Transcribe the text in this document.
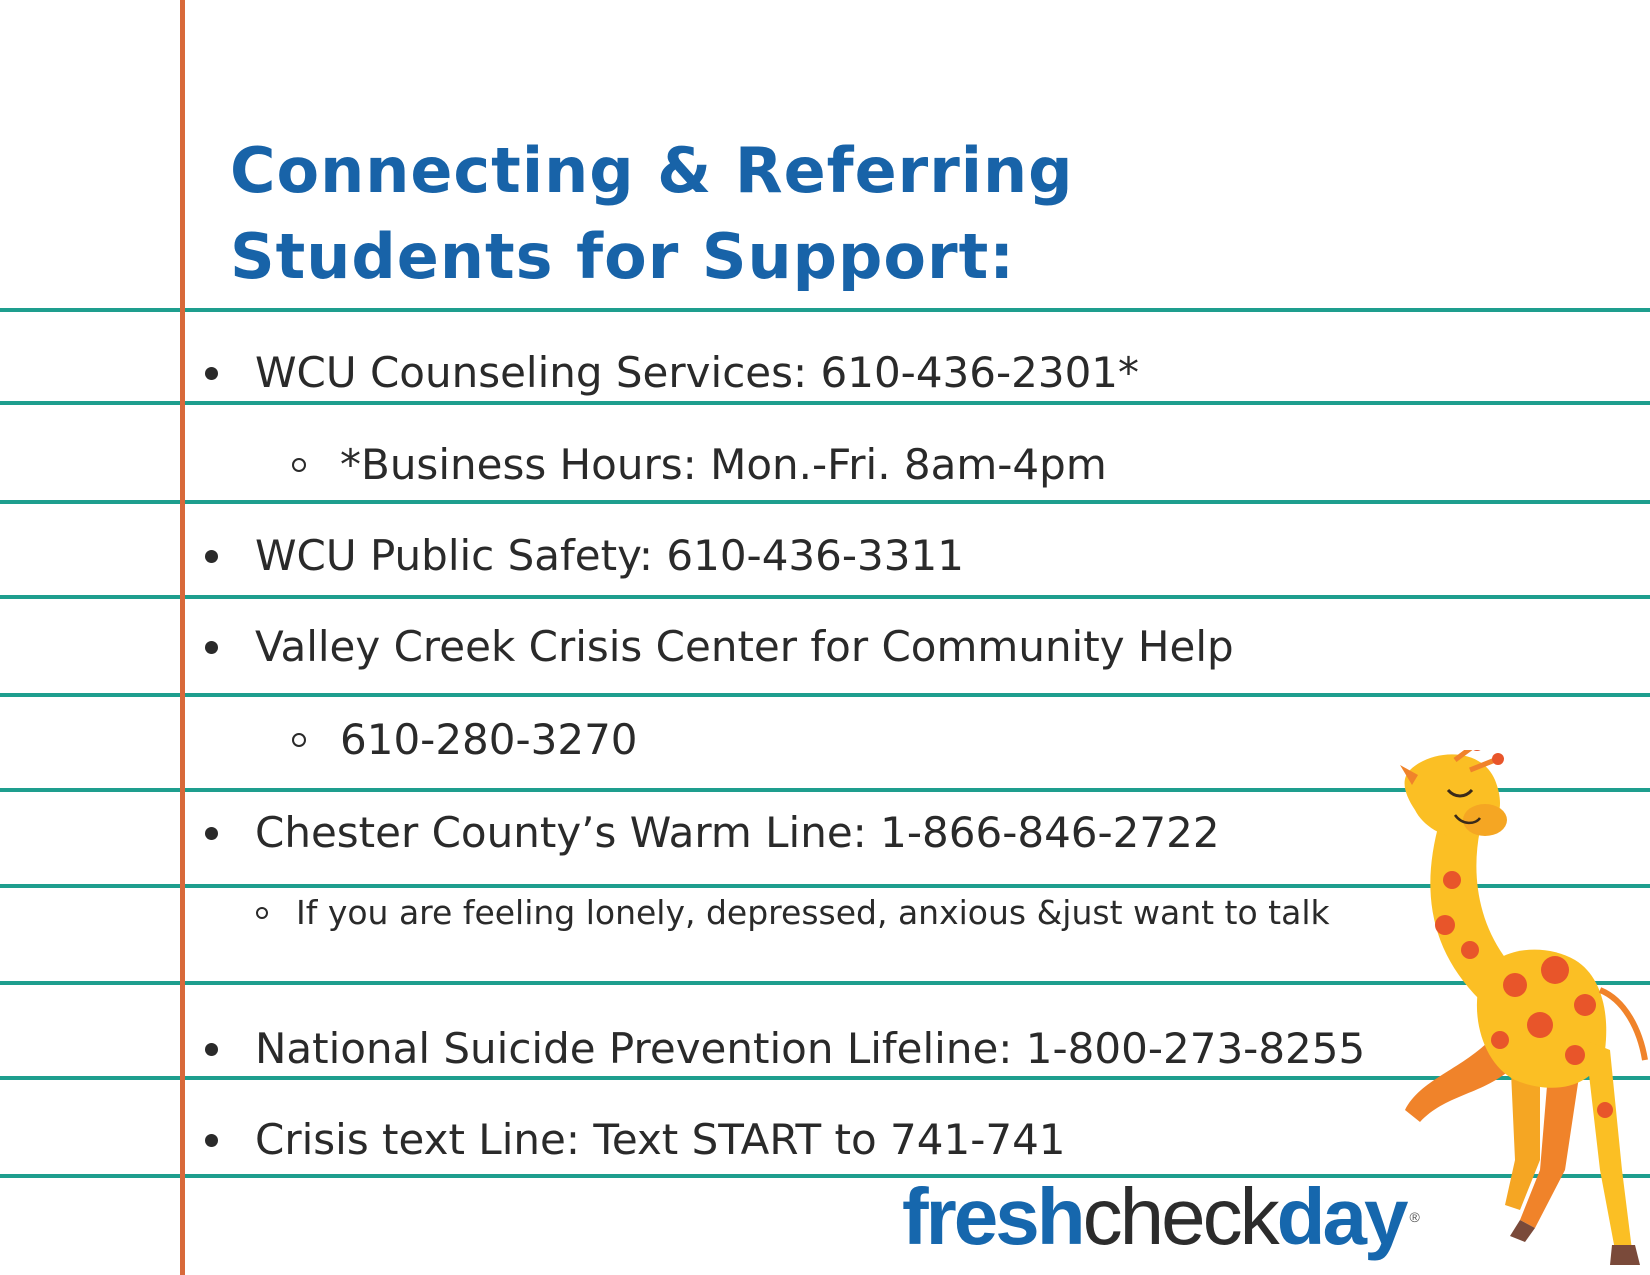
Connecting & Referring
Students for Support:
WCU Counseling Services: 610-436-2301*
*Business Hours: Mon.-Fri. 8am-4pm
WCU Public Safety: 610-436-3311
Valley Creek Crisis Center for Community Help
610-280-3270
Chester County’s Warm Line: 1-866-846-2722
If you are feeling lonely, depressed, anxious &just want to talk
National Suicide Prevention Lifeline: 1-800-273-8255
Crisis text Line: Text START to 741-741
freshcheckday ®
